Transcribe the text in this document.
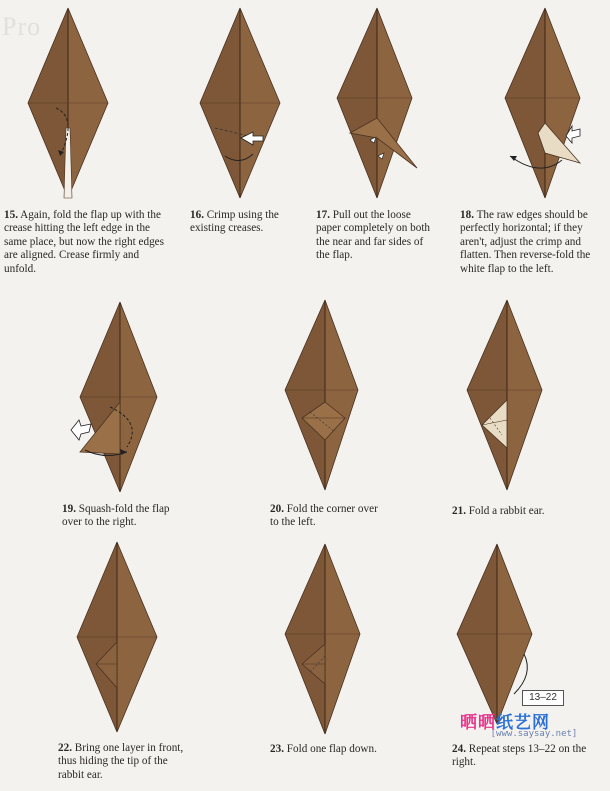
Pro
15. Again, fold the flap up with the crease hitting the left edge in the same place, but now the right edges are aligned. Crease firmly and unfold.
16. Crimp using the existing creases.
17. Pull out the loose paper completely on both the near and far sides of the flap.
18. The raw edges should be perfectly horizontal; if they aren't, adjust the crimp and flatten. Then reverse-fold the white flap to the left.
19. Squash-fold the flap over to the right.
20. Fold the corner over to the left.
21. Fold a rabbit ear.
22. Bring one layer in front, thus hiding the tip of the rabbit ear.
23. Fold one flap down.	24. Repeat steps 13–22 on the right.
13–22
晒晒纸艺网
[www.saysay.net]
